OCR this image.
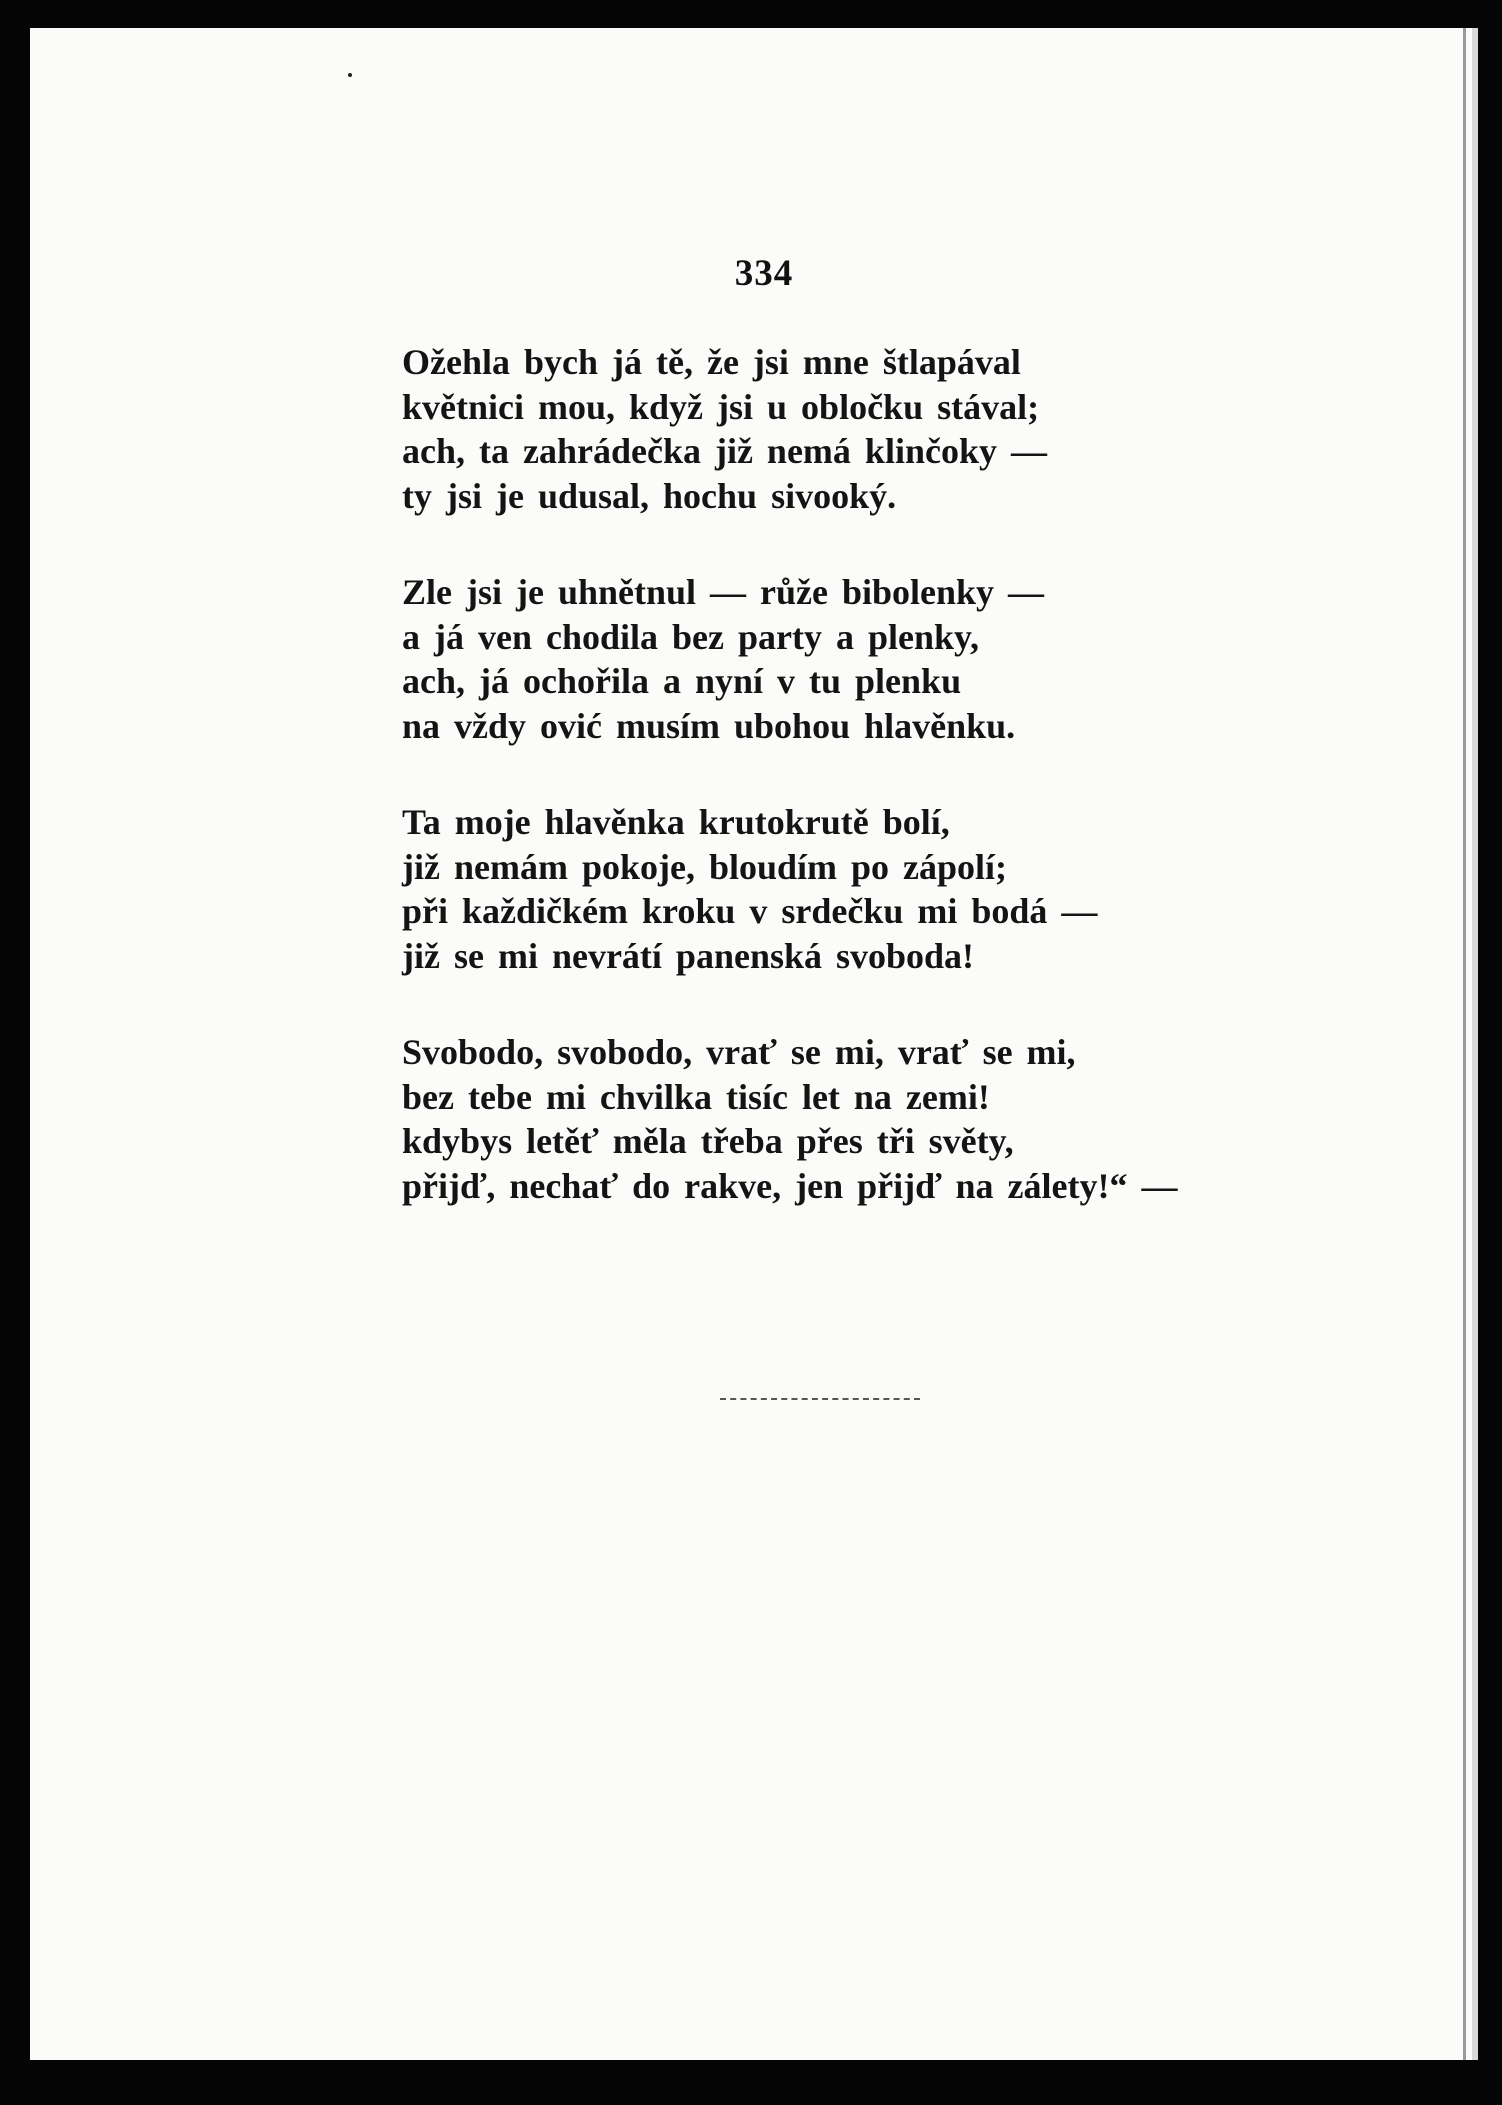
334
Ožehla bych já tě, že jsi mne štlapával
květnici mou, když jsi u obločku stával;
ach, ta zahrádečka již nemá klinčoky —
ty jsi je udusal, hochu sivooký.
Zle jsi je uhnětnul — růže bibolenky —
a já ven chodila bez party a plenky,
ach, já ochořila a nyní v tu plenku
na vždy ović musím ubohou hlavěnku.
Ta moje hlavěnka krutokrutě bolí,
již nemám pokoje, bloudím po zápolí;
při každičkém kroku v srdečku mi bodá —
již se mi nevrátí panenská svoboda!
Svobodo, svobodo, vrať se mi, vrať se mi,
bez tebe mi chvilka tisíc let na zemi!
kdybys letěť měla třeba přes tři světy,
přijď, nechať do rakve, jen přijď na zálety!“ —
